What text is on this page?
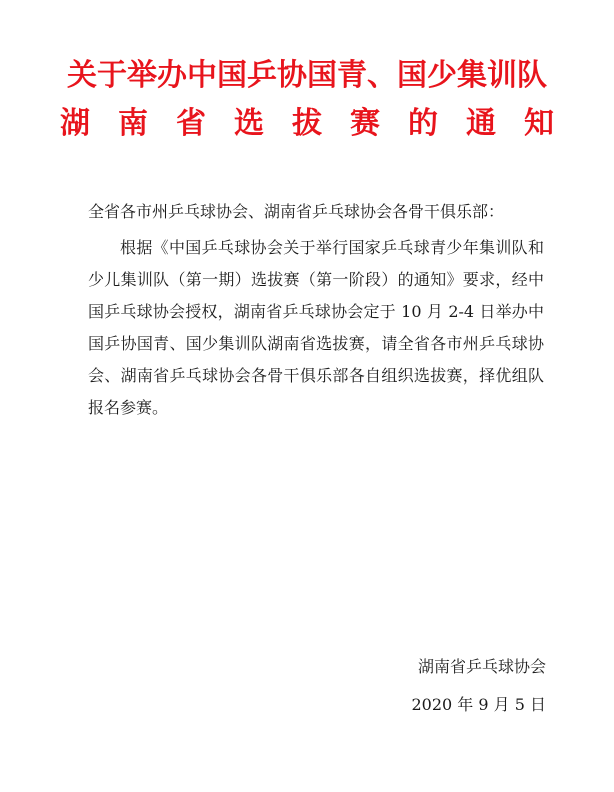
关于举办中国乒协国青、国少集训队
湖南省选拔赛的通知

全省各市州乒乓球协会、湖南省乒乓球协会各骨干俱乐部：

根据《中国乒乓球协会关于举行国家乒乓球青少年集训队和少儿集训队（第一期）选拔赛（第一阶段）的通知》要求，经中国乒乓球协会授权，湖南省乒乓球协会定于 10 月 2-4 日举办中国乒协国青、国少集训队湖南省选拔赛，请全省各市州乒乓球协会、湖南省乒乓球协会各骨干俱乐部各自组织选拔赛，择优组队报名参赛。

湖南省乒乓球协会
2020 年 9 月 5 日
